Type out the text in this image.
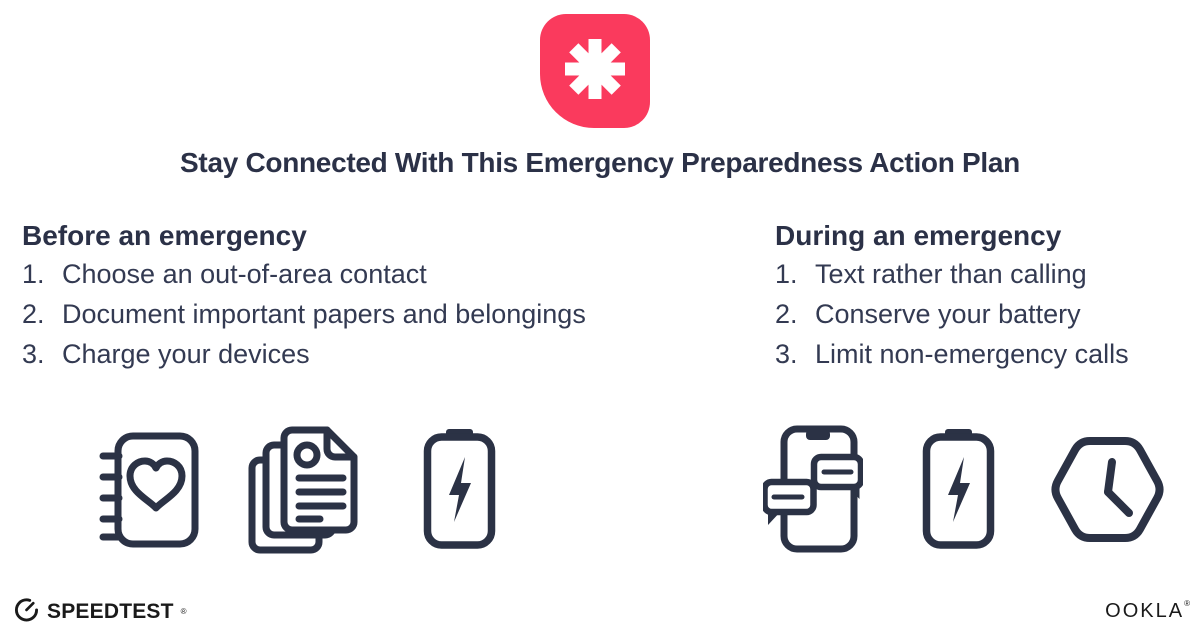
Stay Connected With This Emergency Preparedness Action Plan
Before an emergency
1. Choose an out-of-area contact
2. Document important papers and belongings
3. Charge your devices
During an emergency
1. Text rather than calling
2. Conserve your battery
3. Limit non-emergency calls
SPEEDTEST ®	OOKLA ®
